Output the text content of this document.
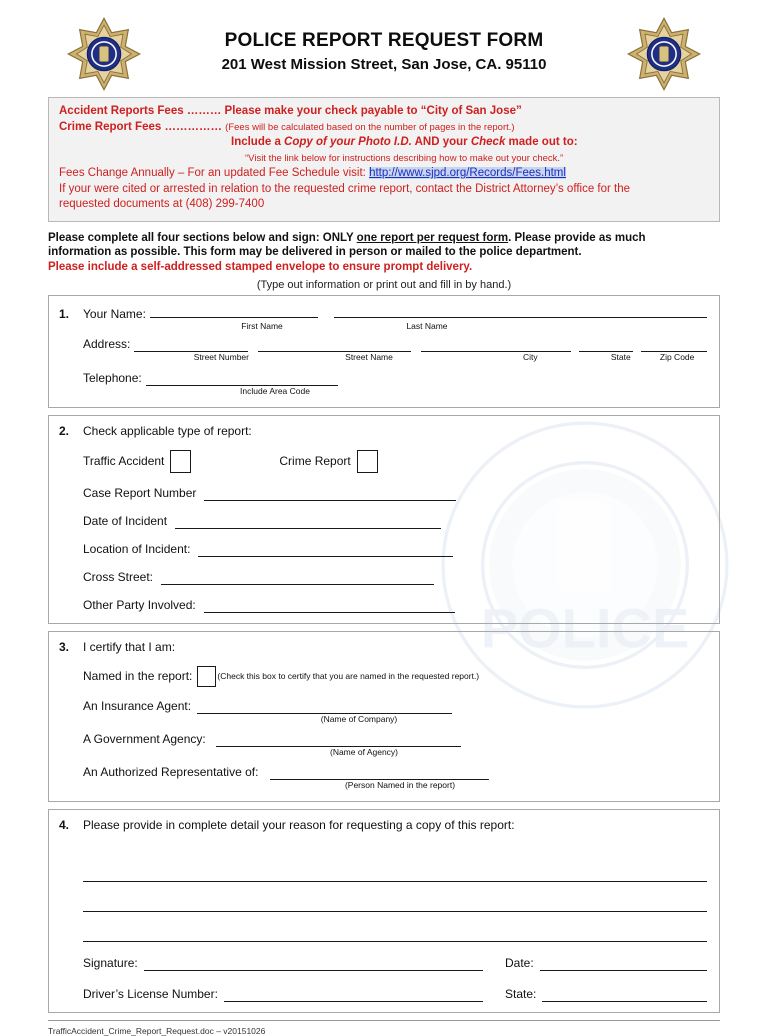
POLICE
POLICE REPORT REQUEST FORM
201 West Mission Street, San Jose, CA. 95110
Accident Reports Fees ……… Please make your check payable to “City of San Jose”
Crime Report Fees …………… (Fees will be calculated based on the number of pages in the report.)
Include a Copy of your Photo I.D. AND your Check made out to:
“Visit the link below for instructions describing how to make out your check.”
Fees Change Annually – For an updated Fee Schedule visit: http://www.sjpd.org/Records/Fees.html
If your were cited or arrested in relation to the requested crime report, contact the District Attorney’s office for the
requested documents at (408) 299-7400
Please complete all four sections below and sign: ONLY one report per request form. Please provide as much
information as possible. This form may be delivered in person or mailed to the police department.
Please include a self-addressed stamped envelope to ensure prompt delivery.
(Type out information or print out and fill in by hand.)
1.	Your Name:
First Name	Last Name
Address:
Street Number	Street Name	City	State	Zip Code
Telephone:
Include Area Code
2.	Check applicable type of report:
Traffic Accident	Crime Report
Case Report Number
Date of Incident
Location of Incident:
Cross Street:
Other Party Involved:
3.	I certify that I am:
Named in the report:	(Check this box to certify that you are named in the requested report.)
An Insurance Agent:
(Name of Company)
A Government Agency:
(Name of Agency)
An Authorized Representative of:
(Person Named in the report)
4.	Please provide in complete detail your reason for requesting a copy of this report:
Signature:	Date:
Driver’s License Number:	State:
TrafficAccident_Crime_Report_Request.doc – v20151026
